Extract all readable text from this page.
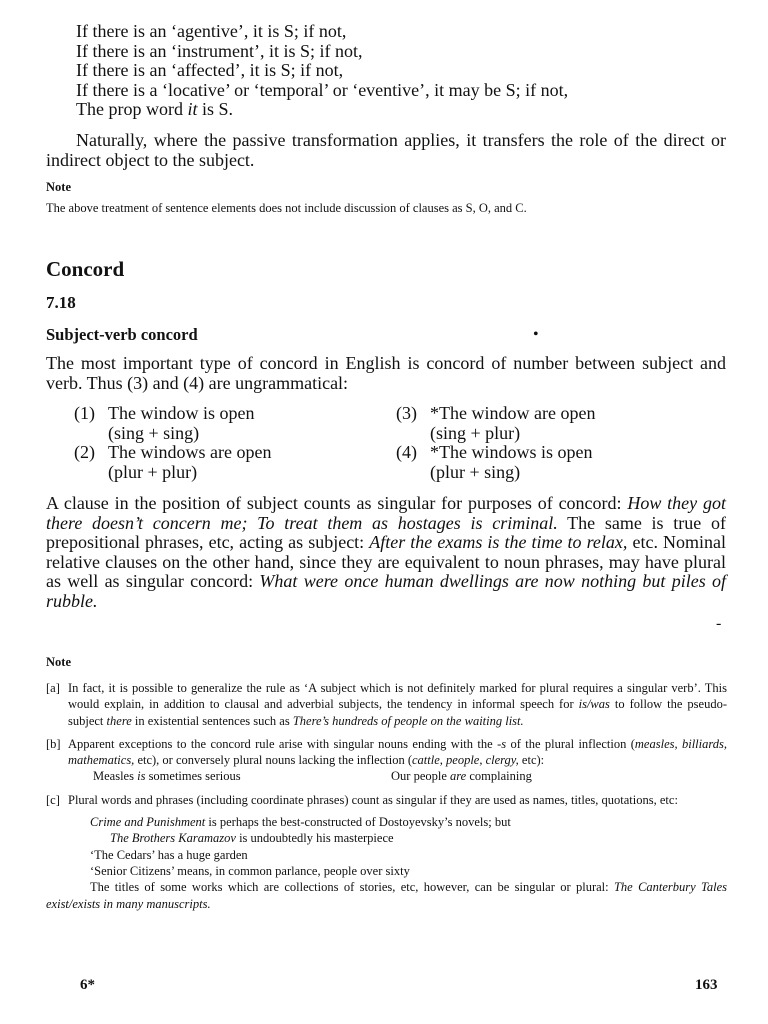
If there is an ‘agentive’, it is S; if not,
If there is an ‘instrument’, it is S; if not,
If there is an ‘affected’, it is S; if not,
If there is a ‘locative’ or ‘temporal’ or ‘eventive’, it may be S; if not,
The prop word it is S.
Naturally, where the passive transformation applies, it transfers the role of the direct or indirect object to the subject.
Note
The above treatment of sentence elements does not include discussion of clauses as S, O, and C.
Concord
7.18
Subject-verb concord	•
The most important type of concord in English is concord of number between subject and verb. Thus (3) and (4) are ungrammatical:
(1) The window is open
(sing + sing)
(2) The windows are open
(plur + plur)
(3) *The window are open
(sing + plur)
(4) *The windows is open
(plur + sing)
A clause in the position of subject counts as singular for purposes of concord: How they got there doesn’t concern me; To treat them as hostages is criminal. The same is true of prepositional phrases, etc, acting as subject: After the exams is the time to relax, etc. Nominal relative clauses on the other hand, since they are equivalent to noun phrases, may have plural as well as singular concord: What were once human dwellings are now nothing but piles of rubble.
-
Note
[a] In fact, it is possible to generalize the rule as ‘A subject which is not definitely marked for plural requires a singular verb’. This would explain, in addition to clausal and adverbial subjects, the tendency in informal speech for is/was to follow the pseudo-subject there in existential sentences such as There’s hundreds of people on the waiting list.
[b] Apparent exceptions to the concord rule arise with singular nouns ending with the -s of the plural inflection (measles, billiards, mathematics, etc), or conversely plural nouns lacking the inflection (cattle, people, clergy, etc):
Measles is sometimes serious	Our people are complaining
[c] Plural words and phrases (including coordinate phrases) count as singular if they are used as names, titles, quotations, etc:
Crime and Punishment is perhaps the best-constructed of Dostoyevsky’s novels; but
The Brothers Karamazov is undoubtedly his masterpiece
‘The Cedars’ has a huge garden
‘Senior Citizens’ means, in common parlance, people over sixty
The titles of some works which are collections of stories, etc, however, can be singular or plural: The Canterbury Tales exist/exists in many manuscripts.
6*	163
